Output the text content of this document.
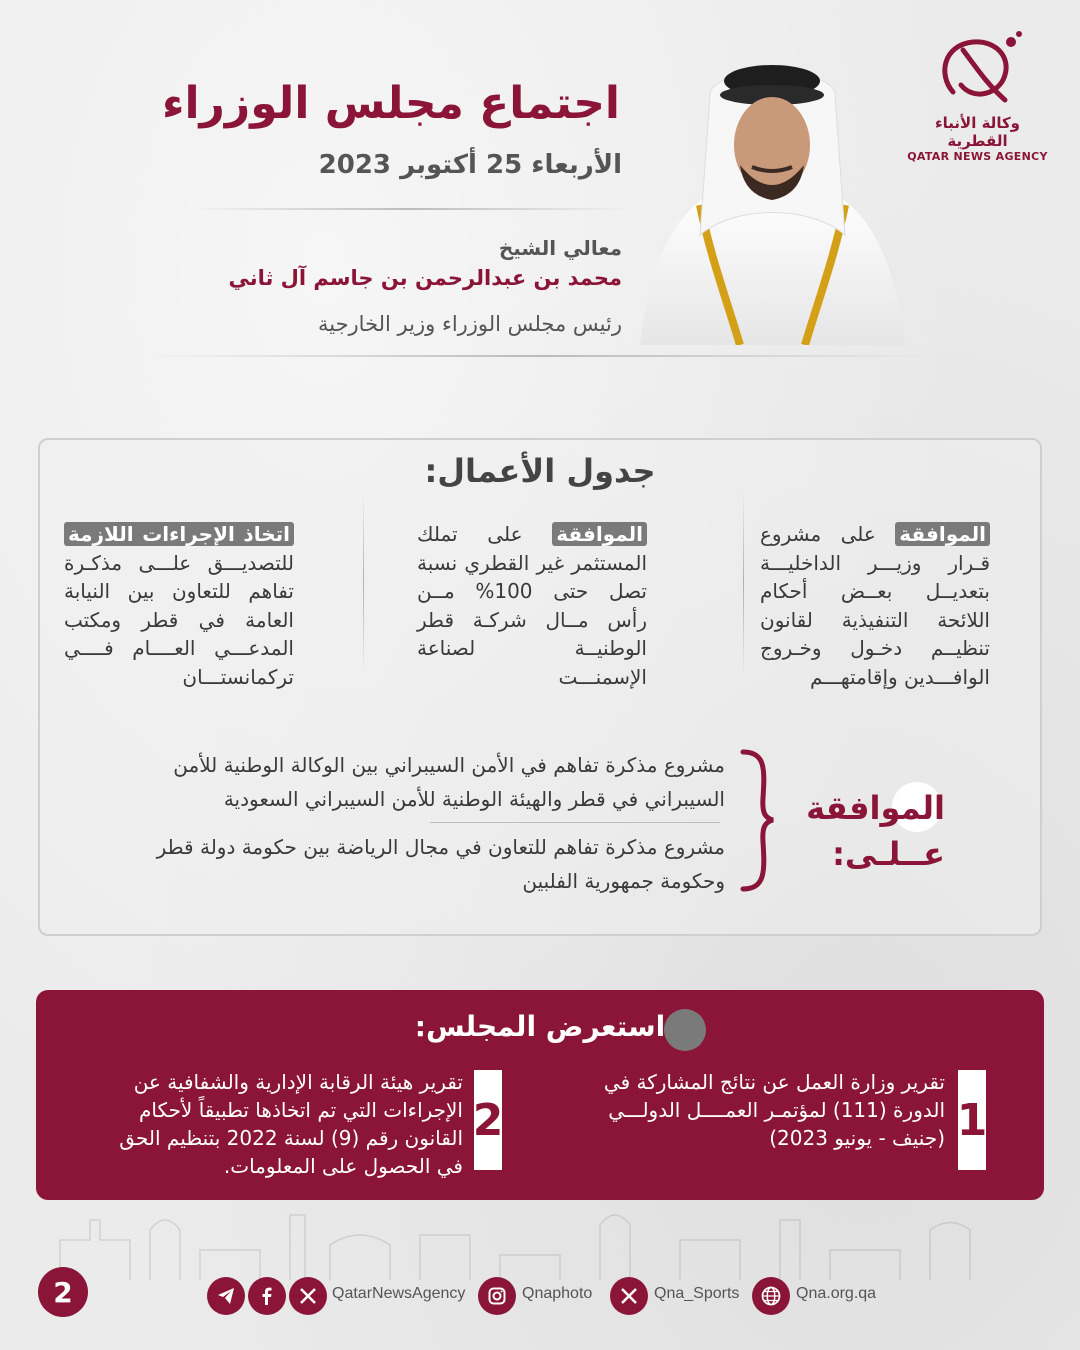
وكالة الأنباء القطرية
QATAR NEWS AGENCY
اجتماع مجلس الوزراء
الأربعاء 25 أكتوبر 2023
معالي الشيخ
محمد بن عبدالرحمن بن جاسم آل ثاني
رئيس مجلس الوزراء وزير الخارجية
جدول الأعمال:
الموافقة على مشروع قـرار وزيـــر الداخليـــة بتعديــل بعــض أحكام اللائحة التنفيذية لقانون تنظيــم دخـول وخـروج الوافـــدين وإقامتهـــم
الموافقة على تملك المستثمر غير القطري نسبة تصل حتى 100% مــن رأس مــال شركـة قطر الوطنيــة لصناعة الإسمنـــت
اتخاذ الإجراءات اللازمة للتصديـــق علـــى مذكـرة تفاهم للتعاون بين النيابة العامة في قطر ومكتب المدعـــي العــــام فــــي تركمانستـــان
الموافقة
عــلـى:
مشروع مذكرة تفاهم في الأمن السيبراني بين الوكالة الوطنية للأمن السيبراني في قطر والهيئة الوطنية للأمن السيبراني السعودية
مشروع مذكرة تفاهم للتعاون في مجال الرياضة بين حكومة دولة قطر وحكومة جمهورية الفلبين
استعرض المجلس:
1
تقرير وزارة العمل عن نتائج المشاركة في الدورة (111) لمؤتمـر العمــــل الدولـــي (جنيف - يونيو 2023)
2
تقرير هيئة الرقابة الإدارية والشفافية عن الإجراءات التي تم اتخاذها تطبيقاً لأحكام القانون رقم (9) لسنة 2022 بتنظيم الحق في الحصول على المعلومات.
2	QatarNewsAgency	Qnaphoto	Qna_Sports	Qna.org.qa
